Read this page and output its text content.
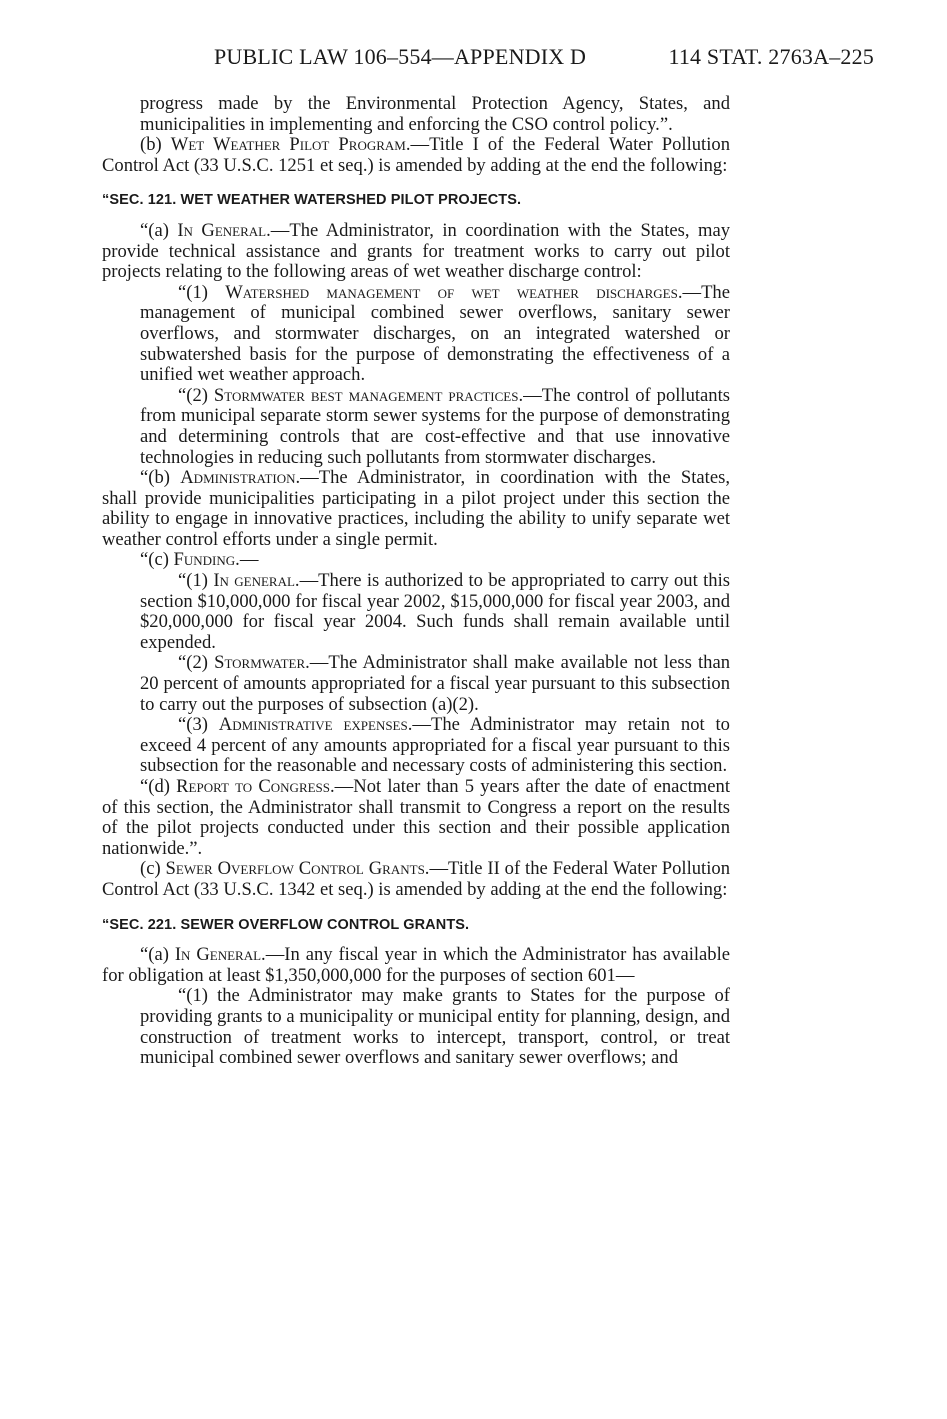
PUBLIC LAW 106–554—APPENDIX D	114 STAT. 2763A–225

progress made by the Environmental Protection Agency, States, and municipalities in implementing and enforcing the CSO control policy.”.

(b) Wet Weather Pilot Program.—Title I of the Federal Water Pollution Control Act (33 U.S.C. 1251 et seq.) is amended by adding at the end the following:

“SEC. 121. WET WEATHER WATERSHED PILOT PROJECTS.

“(a) In General.—The Administrator, in coordination with the States, may provide technical assistance and grants for treatment works to carry out pilot projects relating to the following areas of wet weather discharge control:

“(1) Watershed management of wet weather discharges.—The management of municipal combined sewer overflows, sanitary sewer overflows, and stormwater discharges, on an integrated watershed or subwatershed basis for the purpose of demonstrating the effectiveness of a unified wet weather approach.

“(2) Stormwater best management practices.—The control of pollutants from municipal separate storm sewer systems for the purpose of demonstrating and determining controls that are cost-effective and that use innovative technologies in reducing such pollutants from stormwater discharges.

“(b) Administration.—The Administrator, in coordination with the States, shall provide municipalities participating in a pilot project under this section the ability to engage in innovative practices, including the ability to unify separate wet weather control efforts under a single permit.

“(c) Funding.—

“(1) In general.—There is authorized to be appropriated to carry out this section $10,000,000 for fiscal year 2002, $15,000,000 for fiscal year 2003, and $20,000,000 for fiscal year 2004. Such funds shall remain available until expended.

“(2) Stormwater.—The Administrator shall make available not less than 20 percent of amounts appropriated for a fiscal year pursuant to this subsection to carry out the purposes of subsection (a)(2).

“(3) Administrative expenses.—The Administrator may retain not to exceed 4 percent of any amounts appropriated for a fiscal year pursuant to this subsection for the reasonable and necessary costs of administering this section.

“(d) Report to Congress.—Not later than 5 years after the date of enactment of this section, the Administrator shall transmit to Congress a report on the results of the pilot projects conducted under this section and their possible application nationwide.”.

(c) Sewer Overflow Control Grants.—Title II of the Federal Water Pollution Control Act (33 U.S.C. 1342 et seq.) is amended by adding at the end the following:

“SEC. 221. SEWER OVERFLOW CONTROL GRANTS.

“(a) In General.—In any fiscal year in which the Administrator has available for obligation at least $1,350,000,000 for the purposes of section 601—

“(1) the Administrator may make grants to States for the purpose of providing grants to a municipality or municipal entity for planning, design, and construction of treatment works to intercept, transport, control, or treat municipal combined sewer overflows and sanitary sewer overflows; and
